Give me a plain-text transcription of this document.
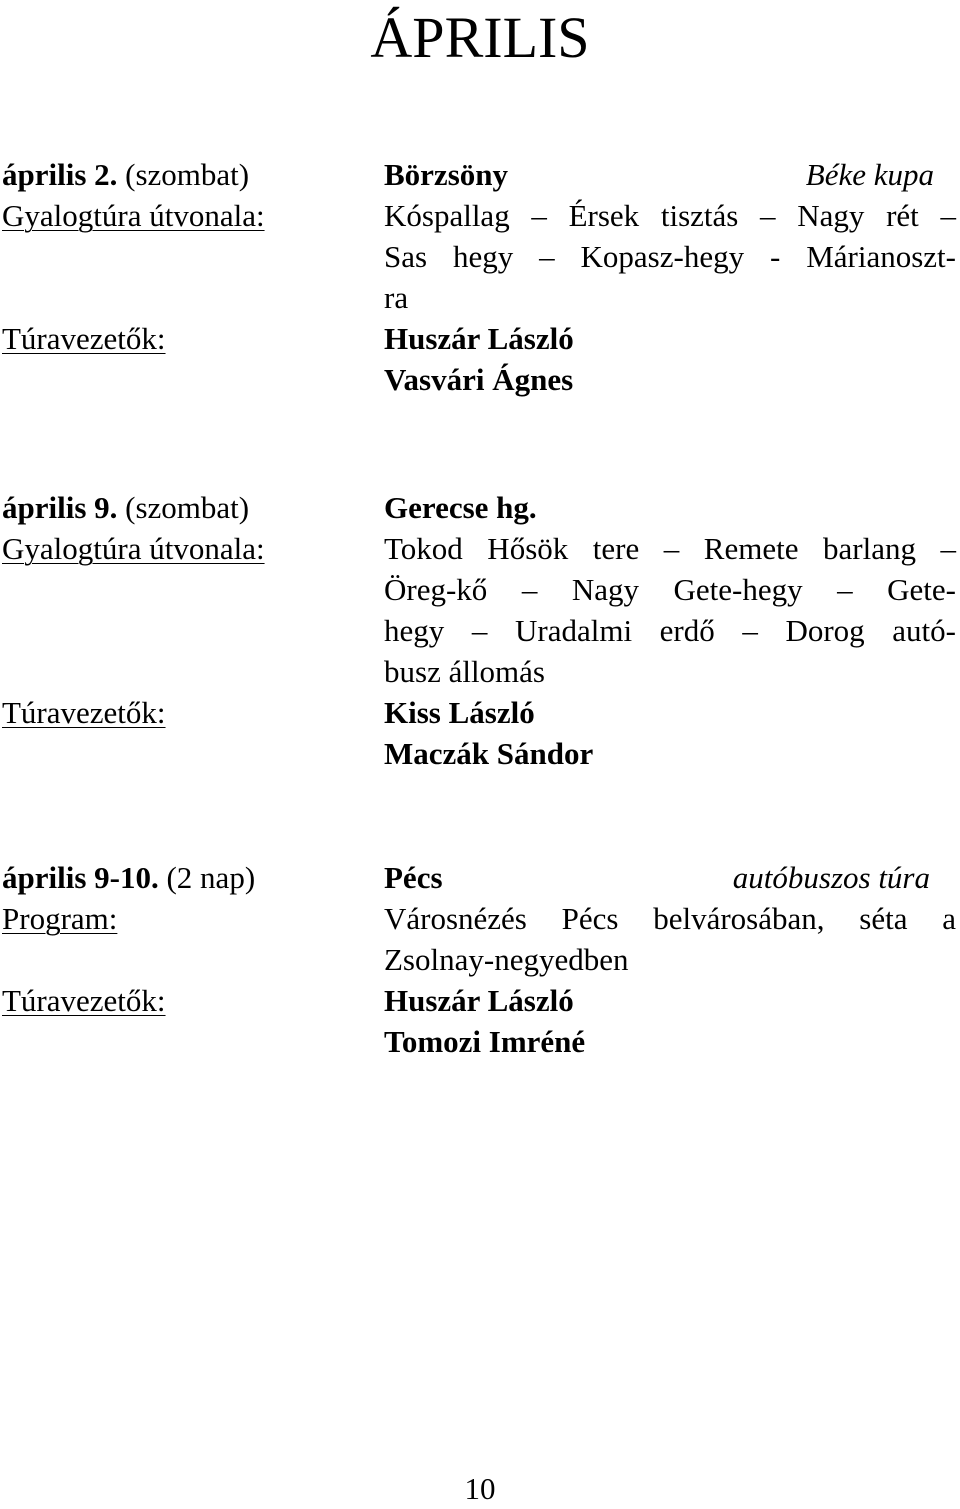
ÁPRILIS
április 2. (szombat)	Börzsöny	Béke kupa
Gyalogtúra útvonala:	Kóspallag – Érsek tisztás – Nagy rét –
Sas hegy – Kopasz-hegy - Márianoszt-
ra
Túravezetők:	Huszár László
Vasvári Ágnes
április 9. (szombat)	Gerecse hg.
Gyalogtúra útvonala:	Tokod Hősök tere – Remete barlang –
Öreg-kő – Nagy Gete-hegy – Gete-
hegy – Uradalmi erdő – Dorog autó-
busz állomás
Túravezetők:	Kiss László
Maczák Sándor
április 9-10. (2 nap)	Pécs	autóbuszos túra
Program:	Városnézés Pécs belvárosában, séta a
Zsolnay-negyedben
Túravezetők:	Huszár László
Tomozi Imréné
10
